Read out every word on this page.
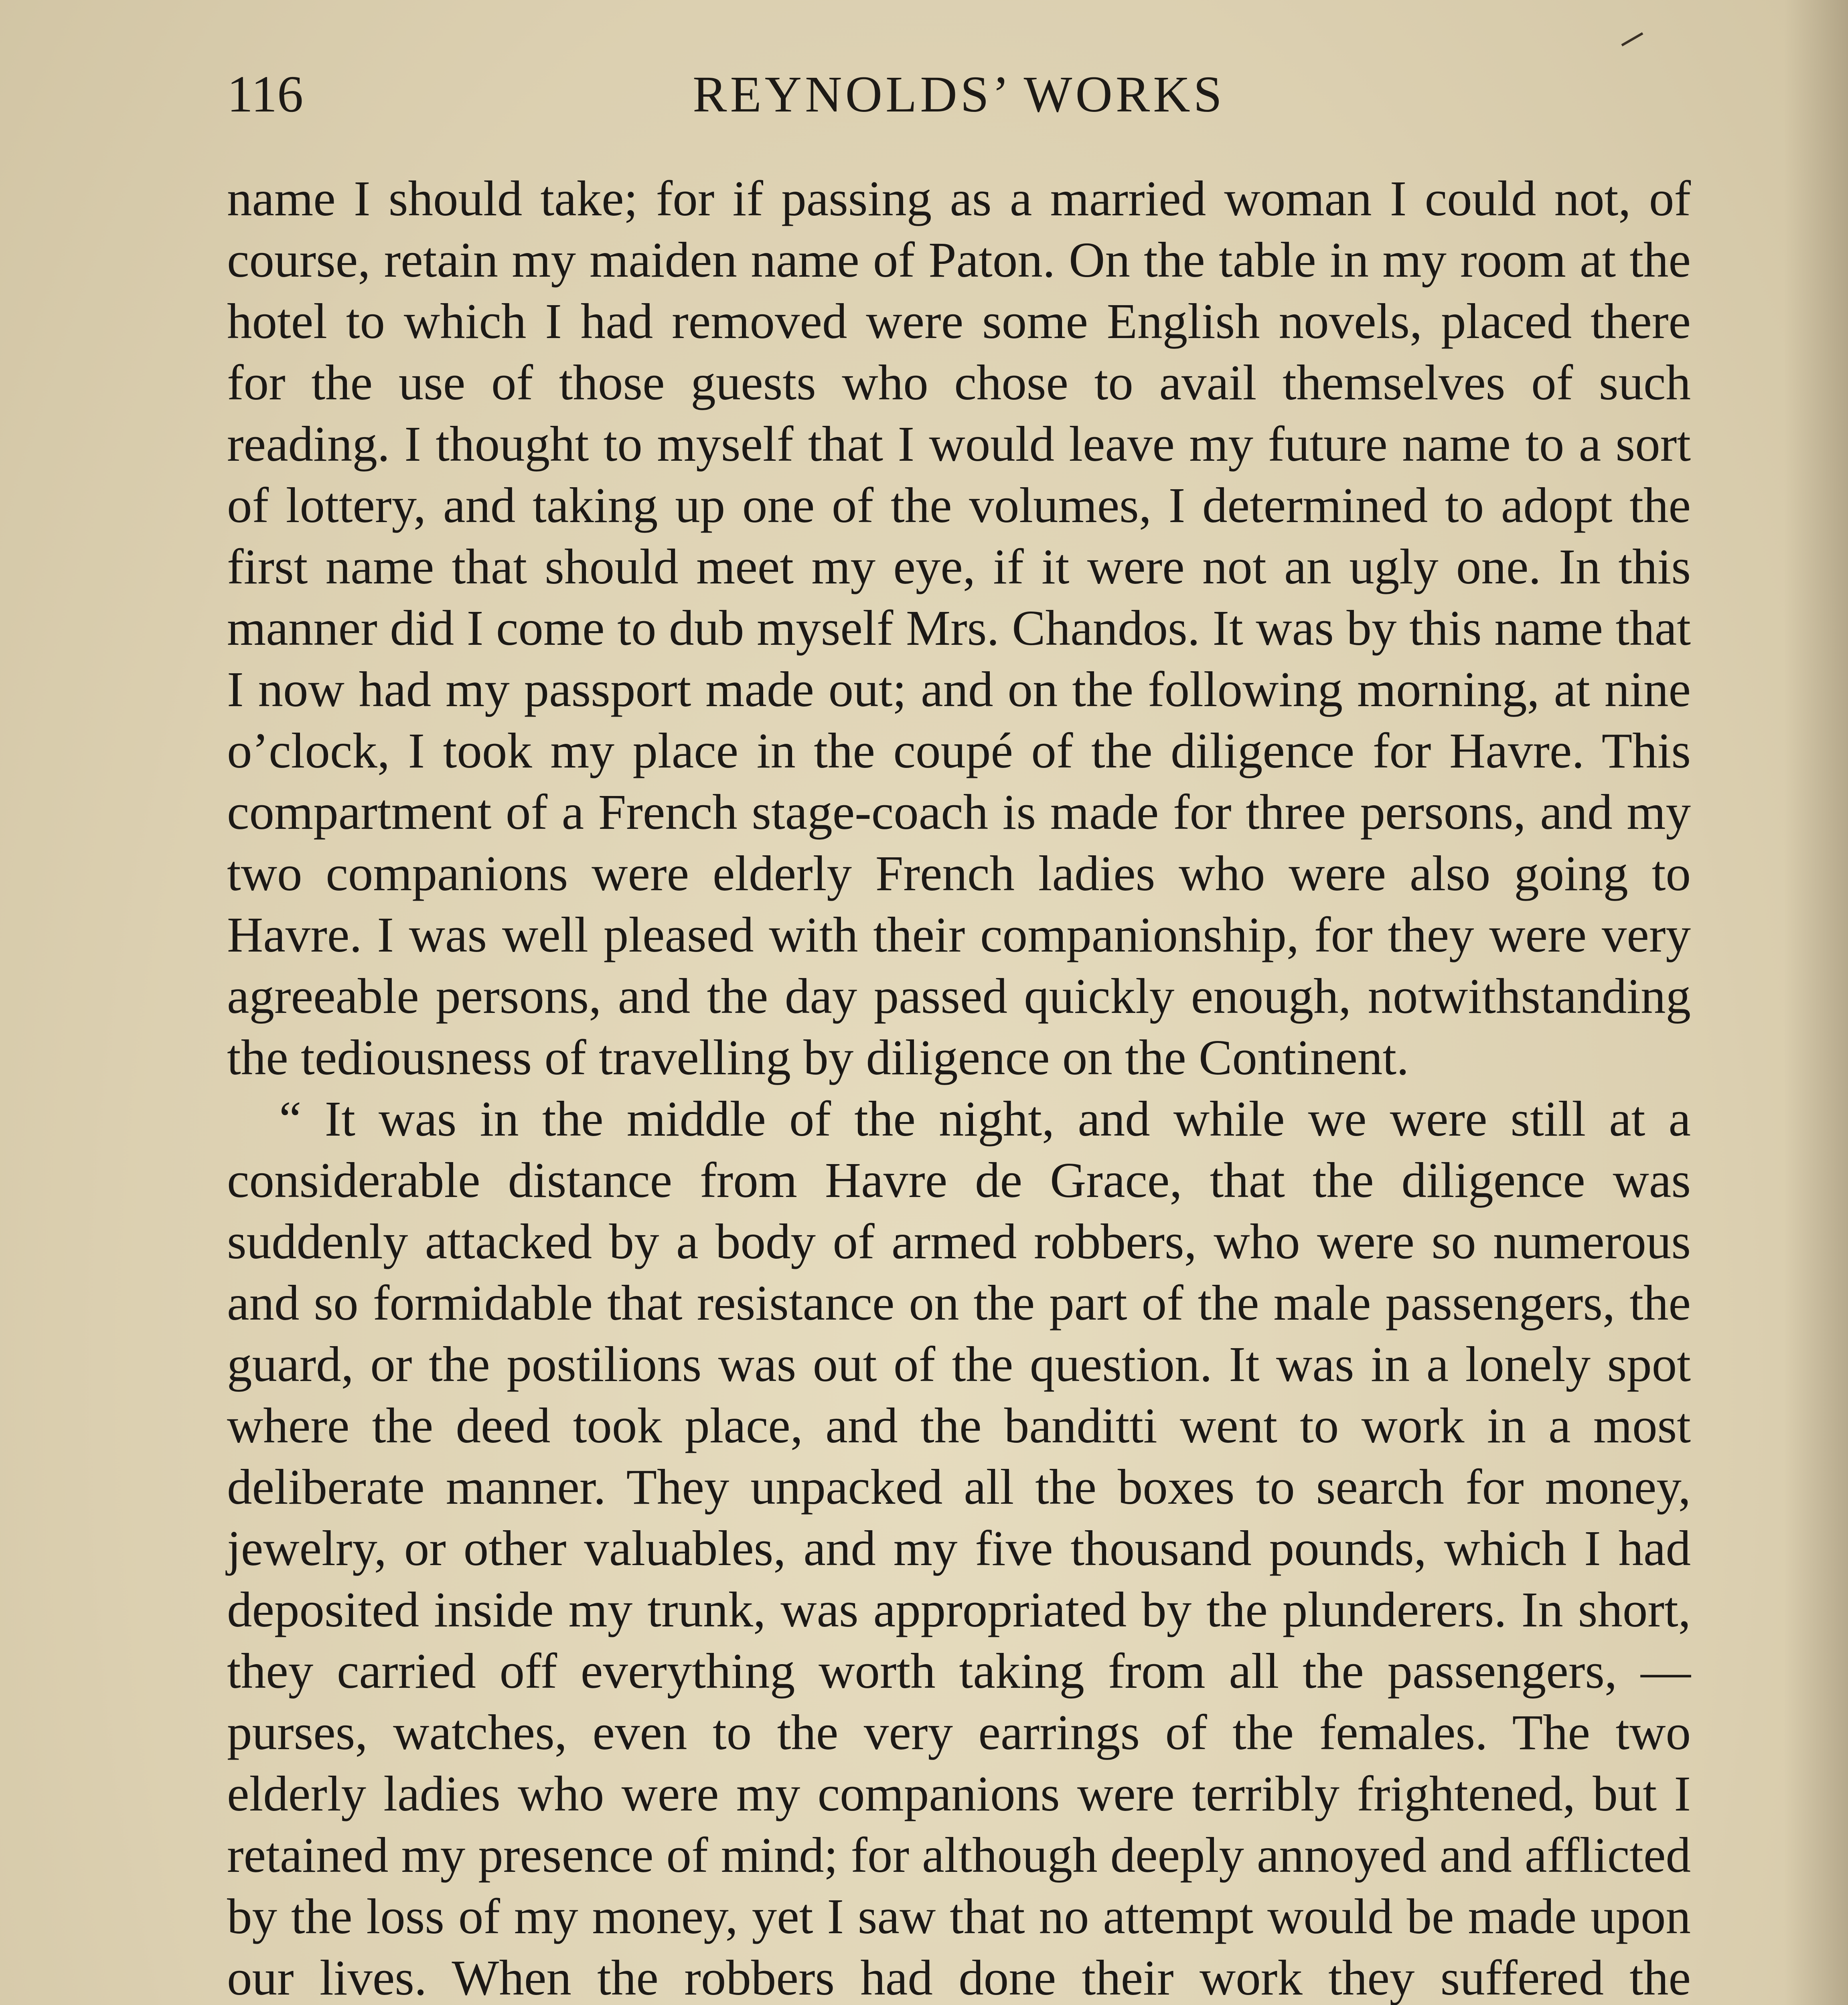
116	REYNOLDS’ WORKS

name I should take; for if passing as a married woman I could not, of course, retain my maiden name of Paton. On the table in my room at the hotel to which I had removed were some English novels, placed there for the use of those guests who chose to avail themselves of such reading. I thought to myself that I would leave my future name to a sort of lottery, and taking up one of the volumes, I determined to adopt the first name that should meet my eye, if it were not an ugly one. In this manner did I come to dub myself Mrs. Chandos. It was by this name that I now had my passport made out; and on the following morning, at nine o’clock, I took my place in the coupé of the diligence for Havre. This compartment of a French stage-coach is made for three persons, and my two companions were elderly French ladies who were also going to Havre. I was well pleased with their companionship, for they were very agreeable persons, and the day passed quickly enough, notwithstanding the tediousness of travelling by diligence on the Continent.

“ It was in the middle of the night, and while we were still at a considerable distance from Havre de Grace, that the diligence was suddenly attacked by a body of armed robbers, who were so numerous and so formidable that resistance on the part of the male passengers, the guard, or the postilions was out of the question. It was in a lonely spot where the deed took place, and the banditti went to work in a most deliberate manner. They unpacked all the boxes to search for money, jewelry, or other valuables, and my five thousand pounds, which I had deposited inside my trunk, was appropriated by the plunderers. In short, they carried off everything worth taking from all the passengers, — purses, watches, even to the very earrings of the females. The two elderly ladies who were my companions were terribly frightened, but I retained my presence of mind; for although deeply annoyed and afflicted by the loss of my money, yet I saw that no attempt would be made upon our lives. When the robbers had done their work they suffered the
